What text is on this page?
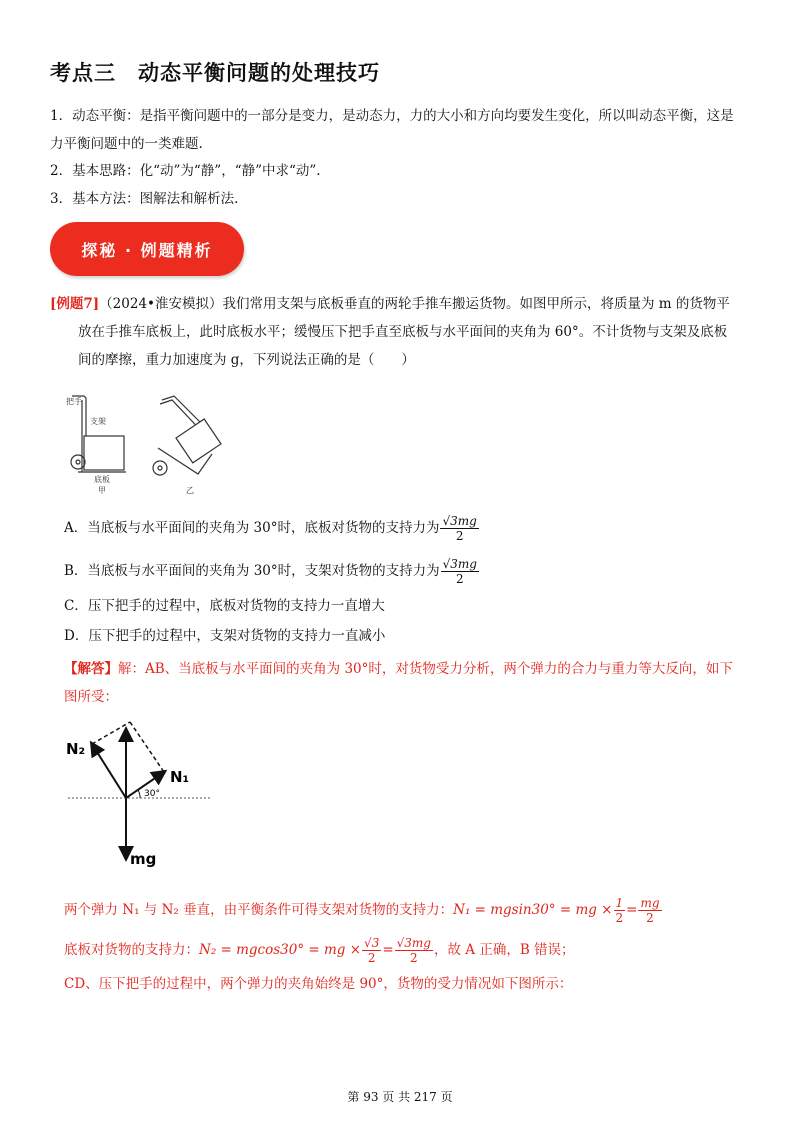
考点三 动态平衡问题的处理技巧
1．动态平衡：是指平衡问题中的一部分是变力，是动态力，力的大小和方向均要发生变化，所以叫动态平衡，这是
力平衡问题中的一类难题.
2．基本思路：化“动”为“静”，“静”中求“动”.
3．基本方法：图解法和解析法.
探秘 · 例题精析
[例题7]（2024•淮安模拟）我们常用支架与底板垂直的两轮手推车搬运货物。如图甲所示，将质量为 m 的货物平
放在手推车底板上，此时底板水平；缓慢压下把手直至底板与水平面间的夹角为 60°。不计货物与支架及底板
间的摩擦，重力加速度为 g，下列说法正确的是（　　）
把手
支架
底板
甲	乙
A．当底板与水平面间的夹角为 30°时，底板对货物的支持力为 $\frac{√3mg}{2}$
B．当底板与水平面间的夹角为 30°时，支架对货物的支持力为 $\frac{√3mg}{2}$
C．压下把手的过程中，底板对货物的支持力一直增大
D．压下把手的过程中，支架对货物的支持力一直减小
【解答】解：AB、当底板与水平面间的夹角为 30°时，对货物受力分析，两个弹力的合力与重力等大反向，如下
图所受：
N₂
N₁
30°
mg
两个弹力 N₁ 与 N₂ 垂直，由平衡条件可得支架对货物的支持力：N₁ = mgsin30° = mg × $\frac{1}{2} = \frac{mg}{2}$
底板对货物的支持力：N₂ = mgcos30° = mg × $\frac{√3}{2} = \frac{√3mg}{2}$ ，故 A 正确，B 错误；
CD、压下把手的过程中，两个弹力的夹角始终是 90°，货物的受力情况如下图所示：
第 93 页 共 217 页
